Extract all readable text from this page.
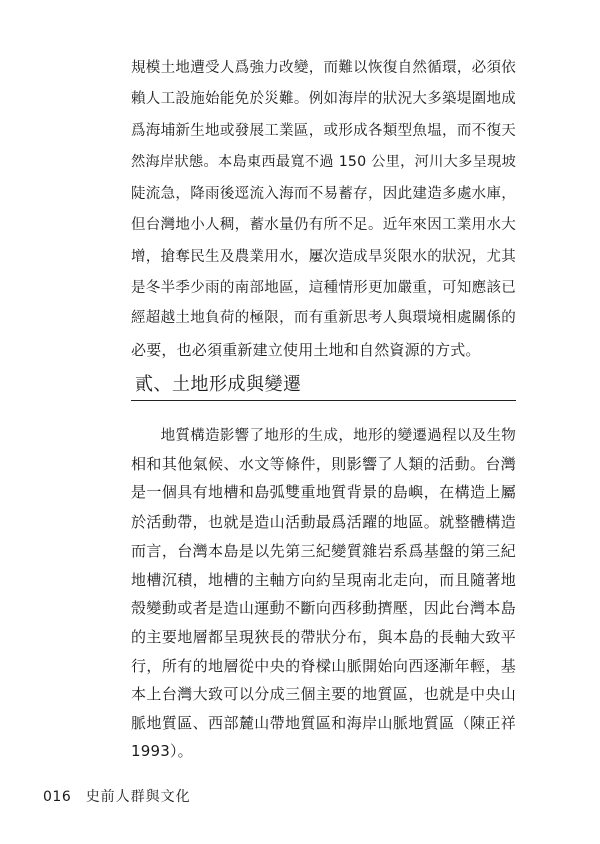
規模土地遭受人爲強力改變，而難以恢復自然循環，必須依
賴人工設施始能免於災難。例如海岸的狀況大多築堤圍地成
爲海埔新生地或發展工業區，或形成各類型魚塭，而不復天
然海岸狀態。本島東西最寬不過 150 公里，河川大多呈現坡
陡流急，降雨後逕流入海而不易蓄存，因此建造多處水庫，
但台灣地小人稠，蓄水量仍有所不足。近年來因工業用水大
增，搶奪民生及農業用水，屢次造成旱災限水的狀況，尤其
是冬半季少雨的南部地區，這種情形更加嚴重，可知應該已
經超越土地負荷的極限，而有重新思考人與環境相處關係的
必要，也必須重新建立使用土地和自然資源的方式。
貳、土地形成與變遷
　　地質構造影響了地形的生成，地形的變遷過程以及生物
相和其他氣候、水文等條件，則影響了人類的活動。台灣
是一個具有地槽和島弧雙重地質背景的島嶼，在構造上屬
於活動帶，也就是造山活動最爲活躍的地區。就整體構造
而言，台灣本島是以先第三紀變質雜岩系爲基盤的第三紀
地槽沉積，地槽的主軸方向約呈現南北走向，而且隨著地
殼變動或者是造山運動不斷向西移動擠壓，因此台灣本島
的主要地層都呈現狹長的帶狀分布，與本島的長軸大致平
行，所有的地層從中央的脊樑山脈開始向西逐漸年輕，基
本上台灣大致可以分成三個主要的地質區，也就是中央山
脈地質區、西部麓山帶地質區和海岸山脈地質區（陳正祥
1993）。
016 史前人群與文化
